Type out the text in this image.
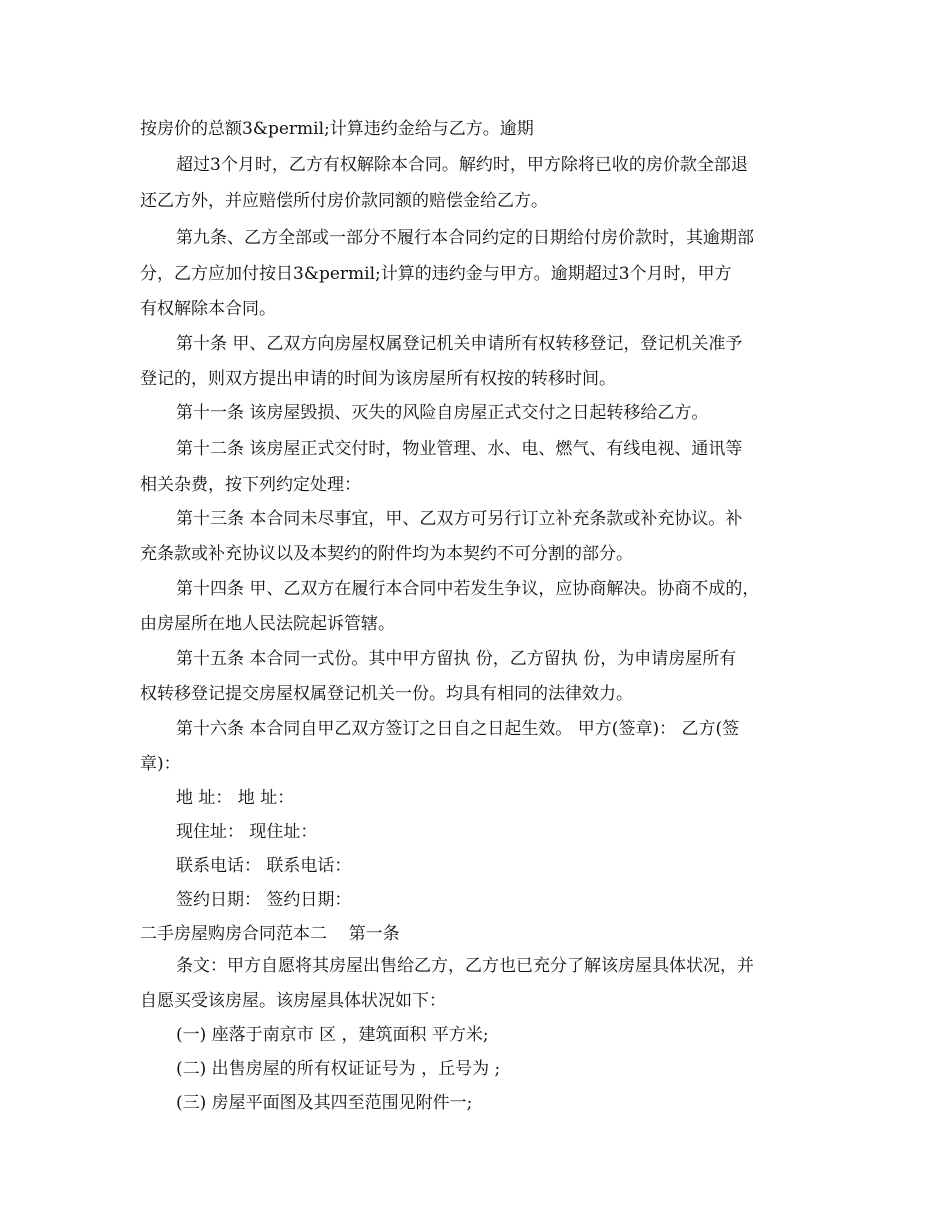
按房价的总额3&permil;计算违约金给与乙方。逾期

超过3个月时，乙方有权解除本合同。解约时，甲方除将已收的房价款全部退

还乙方外，并应赔偿所付房价款同额的赔偿金给乙方。

第九条、乙方全部或一部分不履行本合同约定的日期给付房价款时，其逾期部

分，乙方应加付按日3&permil;计算的违约金与甲方。逾期超过3个月时，甲方

有权解除本合同。

第十条 甲、乙双方向房屋权属登记机关申请所有权转移登记，登记机关准予

登记的，则双方提出申请的时间为该房屋所有权按的转移时间。

第十一条 该房屋毁损、灭失的风险自房屋正式交付之日起转移给乙方。

第十二条 该房屋正式交付时，物业管理、水、电、燃气、有线电视、通讯等

相关杂费，按下列约定处理：

第十三条 本合同未尽事宜，甲、乙双方可另行订立补充条款或补充协议。补

充条款或补充协议以及本契约的附件均为本契约不可分割的部分。

第十四条 甲、乙双方在履行本合同中若发生争议，应协商解决。协商不成的，

由房屋所在地人民法院起诉管辖。

第十五条 本合同一式份。其中甲方留执 份，乙方留执 份，为申请房屋所有

权转移登记提交房屋权属登记机关一份。均具有相同的法律效力。

第十六条 本合同自甲乙双方签订之日自之日起生效。 甲方(签章)： 乙方(签

章)：

地 址： 地 址：

现住址： 现住址：

联系电话： 联系电话：

签约日期： 签约日期：

二手房屋购房合同范本二    第一条

条文：甲方自愿将其房屋出售给乙方，乙方也已充分了解该房屋具体状况，并

自愿买受该房屋。该房屋具体状况如下：

(一) 座落于南京市 区 ，建筑面积 平方米;

(二) 出售房屋的所有权证证号为 ，丘号为 ;

(三) 房屋平面图及其四至范围见附件一;
